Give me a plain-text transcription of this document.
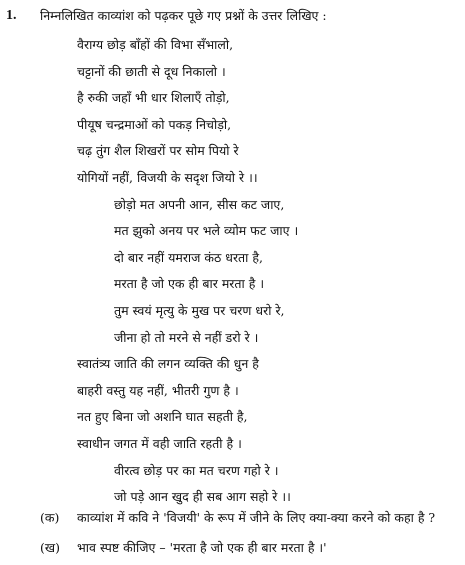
1. निम्नलिखित काव्यांश को पढ़कर पूछे गए प्रश्नों के उत्तर लिखिए :
वैराग्य छोड़ बाँहों की विभा सँभालो,
चट्टानों की छाती से दूध निकालो ।
है रुकी जहाँ भी धार शिलाएँ तोड़ो,
पीयूष चन्द्रमाओं को पकड़ निचोड़ो,
चढ़ तुंग शैल शिखरों पर सोम पियो रे
योगियों नहीं, विजयी के सदृश जियो रे ।।
छोड़ो मत अपनी आन, सीस कट जाए,
मत झुको अनय पर भले व्योम फट जाए ।
दो बार नहीं यमराज कंठ धरता है,
मरता है जो एक ही बार मरता है ।
तुम स्वयं मृत्यु के मुख पर चरण धरो रे,
जीना हो तो मरने से नहीं डरो रे ।
स्वातंत्र्य जाति की लगन व्यक्ति की धुन है
बाहरी वस्तु यह नहीं, भीतरी गुण है ।
नत हुए बिना जो अशनि घात सहती है,
स्वाधीन जगत में वही जाति रहती है ।
वीरत्व छोड़ पर का मत चरण गहो रे ।
जो पड़े आन खुद ही सब आग सहो रे ।।
(क) काव्यांश में कवि ने 'विजयी' के रूप में जीने के लिए क्या-क्या करने को कहा है ?
(ख) भाव स्पष्ट कीजिए – 'मरता है जो एक ही बार मरता है ।'
